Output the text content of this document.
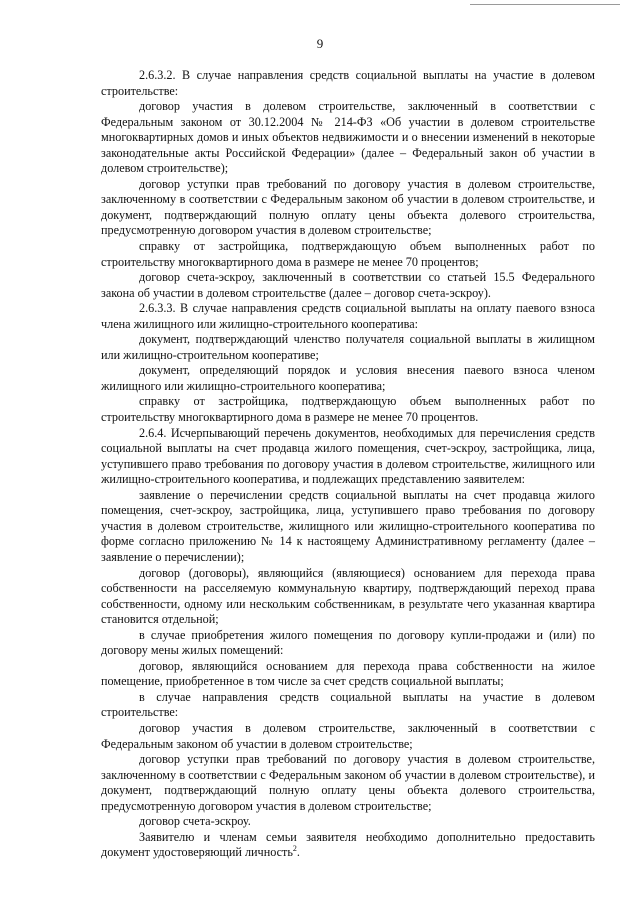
9

2.6.3.2. В случае направления средств социальной выплаты на участие в долевом строительстве:

договор участия в долевом строительстве, заключенный в соответствии с Федеральным законом от 30.12.2004 № 214-ФЗ «Об участии в долевом строительстве многоквартирных домов и иных объектов недвижимости и о внесении изменений в некоторые законодательные акты Российской Федерации» (далее – Федеральный закон об участии в долевом строительстве);

договор уступки прав требований по договору участия в долевом строительстве, заключенному в соответствии с Федеральным законом об участии в долевом строительстве, и документ, подтверждающий полную оплату цены объекта долевого строительства, предусмотренную договором участия в долевом строительстве;

справку от застройщика, подтверждающую объем выполненных работ по строительству многоквартирного дома в размере не менее 70 процентов;

договор счета-эскроу, заключенный в соответствии со статьей 15.5 Федерального закона об участии в долевом строительстве (далее – договор счета-эскроу).

2.6.3.3. В случае направления средств социальной выплаты на оплату паевого взноса члена жилищного или жилищно-строительного кооператива:

документ, подтверждающий членство получателя социальной выплаты в жилищном или жилищно-строительном кооперативе;

документ, определяющий порядок и условия внесения паевого взноса членом жилищного или жилищно-строительного кооператива;

справку от застройщика, подтверждающую объем выполненных работ по строительству многоквартирного дома в размере не менее 70 процентов.

2.6.4. Исчерпывающий перечень документов, необходимых для перечисления средств социальной выплаты на счет продавца жилого помещения, счет-эскроу, застройщика, лица, уступившего право требования по договору участия в долевом строительстве, жилищного или жилищно-строительного кооператива, и подлежащих представлению заявителем:

заявление о перечислении средств социальной выплаты на счет продавца жилого помещения, счет-эскроу, застройщика, лица, уступившего право требования по договору участия в долевом строительстве, жилищного или жилищно-строительного кооператива по форме согласно приложению № 14 к настоящему Административному регламенту (далее – заявление о перечислении);

договор (договоры), являющийся (являющиеся) основанием для перехода права собственности на расселяемую коммунальную квартиру, подтверждающий переход права собственности, одному или нескольким собственникам, в результате чего указанная квартира становится отдельной;

в случае приобретения жилого помещения по договору купли-продажи и (или) по договору мены жилых помещений:

договор, являющийся основанием для перехода права собственности на жилое помещение, приобретенное в том числе за счет средств социальной выплаты;

в случае направления средств социальной выплаты на участие в долевом строительстве:

договор участия в долевом строительстве, заключенный в соответствии с Федеральным законом об участии в долевом строительстве;

договор уступки прав требований по договору участия в долевом строительстве, заключенному в соответствии с Федеральным законом об участии в долевом строительстве), и документ, подтверждающий полную оплату цены объекта долевого строительства, предусмотренную договором участия в долевом строительстве;

договор счета-эскроу.

Заявителю и членам семьи заявителя необходимо дополнительно предоставить документ удостоверяющий личность$^2$.
